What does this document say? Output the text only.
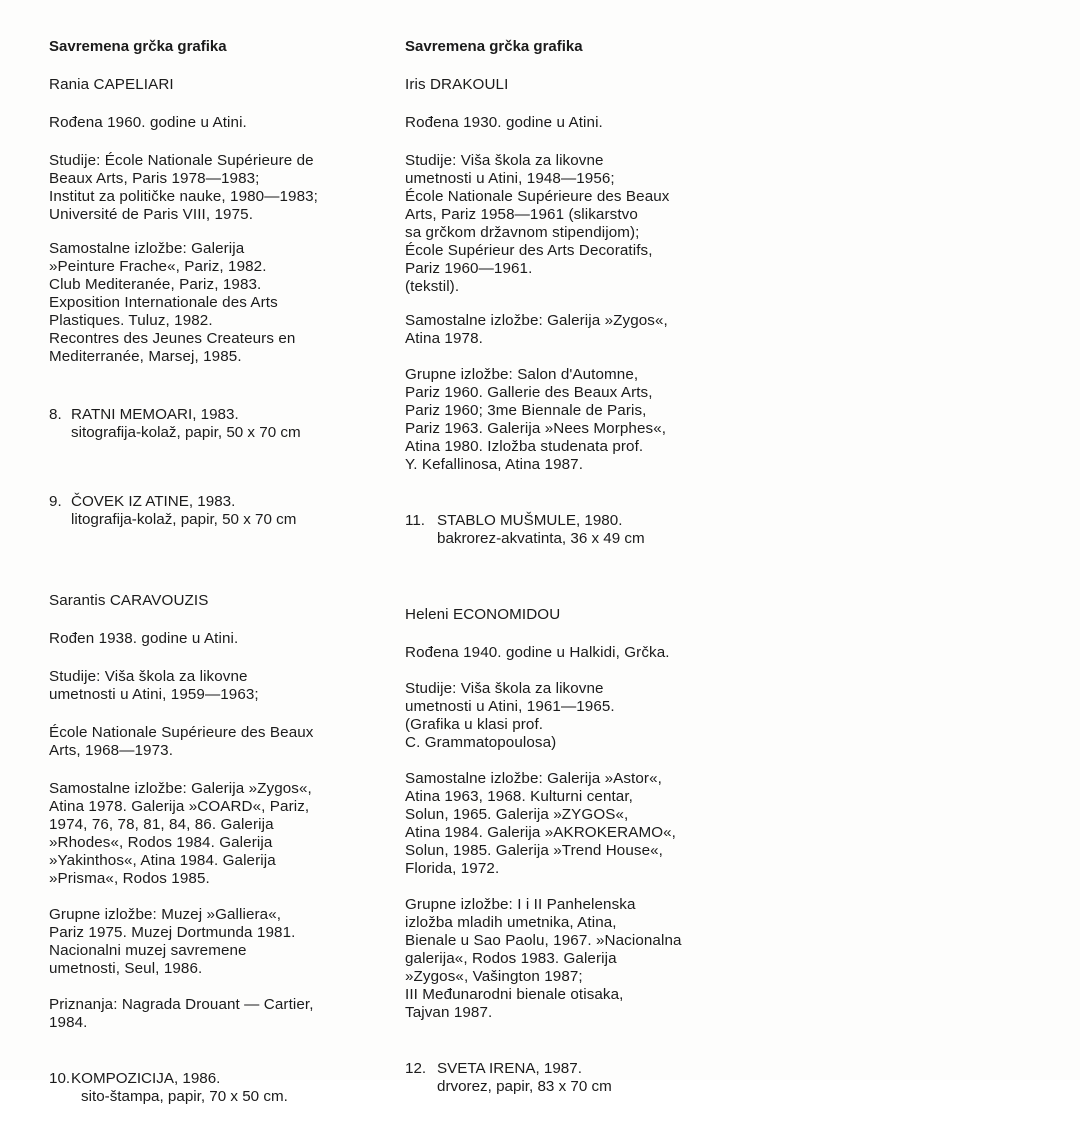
Savremena grčka grafika

Rania CAPELIARI

Rođena 1960. godine u Atini.

Studije: École Nationale Supérieure de
Beaux Arts, Paris 1978—1983;
Institut za političke nauke, 1980—1983;
Université de Paris VIII, 1975.

Samostalne izložbe: Galerija
»Peinture Frache«, Pariz, 1982.
Club Mediteranée, Pariz, 1983.
Exposition Internationale des Arts
Plastiques. Tuluz, 1982.
Recontres des Jeunes Createurs en
Mediterranée, Marsej, 1985.

8. RATNI MEMOARI, 1983.

sitografija-kolaž, papir, 50 x 70 cm

9. ČOVEK IZ ATINE, 1983.

litografija-kolaž, papir, 50 x 70 cm

Sarantis CARAVOUZIS

Rođen 1938. godine u Atini.

Studije: Viša škola za likovne
umetnosti u Atini, 1959—1963;

École Nationale Supérieure des Beaux
Arts, 1968—1973.

Samostalne izložbe: Galerija »Zygos«,
Atina 1978. Galerija »COARD«, Pariz,
1974, 76, 78, 81, 84, 86. Galerija
»Rhodes«, Rodos 1984. Galerija
»Yakinthos«, Atina 1984. Galerija
»Prisma«, Rodos 1985.

Grupne izložbe: Muzej »Galliera«,
Pariz 1975. Muzej Dortmunda 1981.
Nacionalni muzej savremene
umetnosti, Seul, 1986.

Priznanja: Nagrada Drouant — Cartier,
1984.

10.KOMPOZICIJA, 1986.

sito-štampa, papir, 70 x 50 cm.

Savremena grčka grafika

Iris DRAKOULI

Rođena 1930. godine u Atini.

Studije: Viša škola za likovne
umetnosti u Atini, 1948—1956;
École Nationale Supérieure des Beaux
Arts, Pariz 1958—1961 (slikarstvo
sa grčkom državnom stipendijom);
École Supérieur des Arts Decoratifs,
Pariz 1960—1961.
(tekstil).

Samostalne izložbe: Galerija »Zygos«,
Atina 1978.

Grupne izložbe: Salon d'Automne,
Pariz 1960. Gallerie des Beaux Arts,
Pariz 1960; 3me Biennale de Paris,
Pariz 1963. Galerija »Nees Morphes«,
Atina 1980. Izložba studenata prof.
Y. Kefallinosa, Atina 1987.

11. STABLO MUŠMULE, 1980.

bakrorez-akvatinta, 36 x 49 cm

Heleni ECONOMIDOU

Rođena 1940. godine u Halkidi, Grčka.

Studije: Viša škola za likovne
umetnosti u Atini, 1961—1965.
(Grafika u klasi prof.
C. Grammatopoulosa)

Samostalne izložbe: Galerija »Astor«,
Atina 1963, 1968. Kulturni centar,
Solun, 1965. Galerija »ZYGOS«,
Atina 1984. Galerija »AKROKERAMO«,
Solun, 1985. Galerija »Trend House«,
Florida, 1972.

Grupne izložbe: I i II Panhelenska
izložba mladih umetnika, Atina,
Bienale u Sao Paolu, 1967. »Nacionalna
galerija«, Rodos 1983. Galerija
»Zygos«, Vašington 1987;
III Međunarodni bienale otisaka,
Tajvan 1987.

12. SVETA IRENA, 1987.

drvorez, papir, 83 x 70 cm
